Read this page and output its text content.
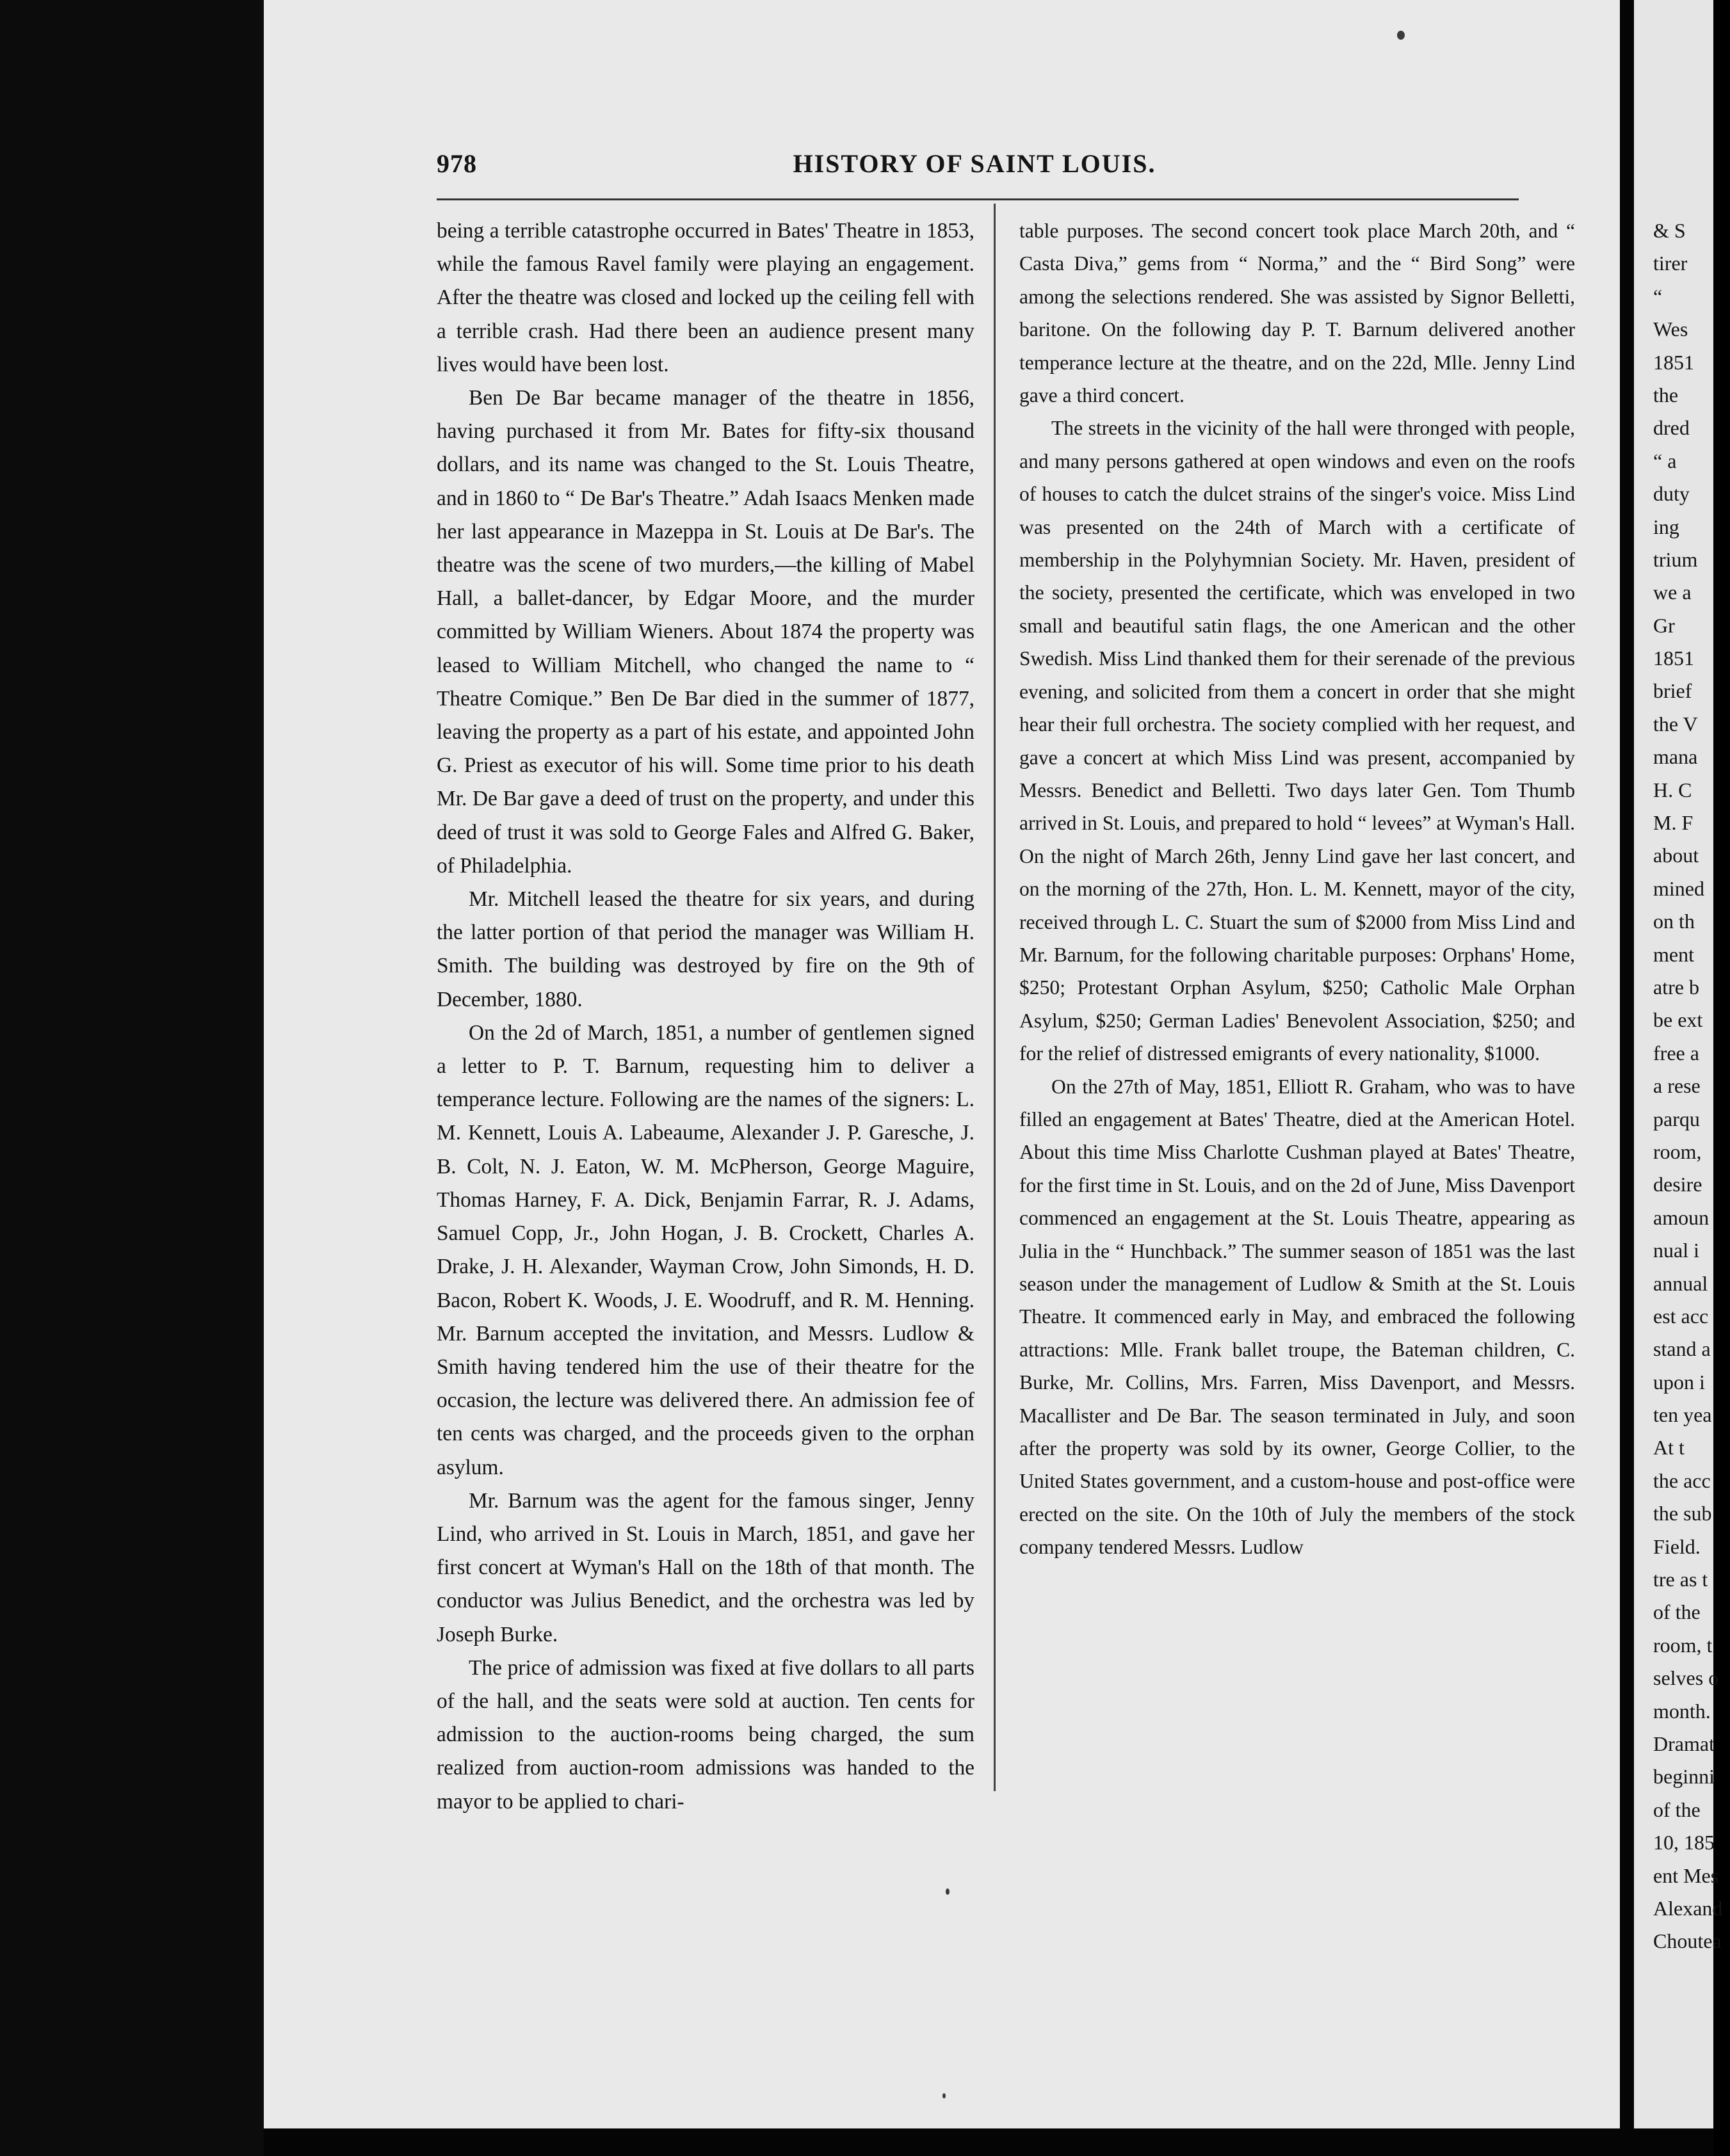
978	HISTORY OF SAINT LOUIS.

being a terrible catastrophe occurred in Bates' Theatre in 1853, while the famous Ravel family were playing an engagement. After the theatre was closed and locked up the ceiling fell with a terrible crash. Had there been an audience present many lives would have been lost.

Ben De Bar became manager of the theatre in 1856, having purchased it from Mr. Bates for fifty-six thousand dollars, and its name was changed to the St. Louis Theatre, and in 1860 to “ De Bar's Theatre.” Adah Isaacs Menken made her last appearance in Mazeppa in St. Louis at De Bar's. The theatre was the scene of two murders,—the killing of Mabel Hall, a ballet-dancer, by Edgar Moore, and the murder committed by William Wieners. About 1874 the property was leased to William Mitchell, who changed the name to “ Theatre Comique.” Ben De Bar died in the summer of 1877, leaving the property as a part of his estate, and appointed John G. Priest as executor of his will. Some time prior to his death Mr. De Bar gave a deed of trust on the property, and under this deed of trust it was sold to George Fales and Alfred G. Baker, of Philadelphia.

Mr. Mitchell leased the theatre for six years, and during the latter portion of that period the manager was William H. Smith. The building was destroyed by fire on the 9th of December, 1880.

On the 2d of March, 1851, a number of gentlemen signed a letter to P. T. Barnum, requesting him to deliver a temperance lecture. Following are the names of the signers: L. M. Kennett, Louis A. Labeaume, Alexander J. P. Garesche, J. B. Colt, N. J. Eaton, W. M. McPherson, George Maguire, Thomas Harney, F. A. Dick, Benjamin Farrar, R. J. Adams, Samuel Copp, Jr., John Hogan, J. B. Crockett, Charles A. Drake, J. H. Alexander, Wayman Crow, John Simonds, H. D. Bacon, Robert K. Woods, J. E. Woodruff, and R. M. Henning. Mr. Barnum accepted the invitation, and Messrs. Ludlow & Smith having tendered him the use of their theatre for the occasion, the lecture was delivered there. An admission fee of ten cents was charged, and the proceeds given to the orphan asylum.

Mr. Barnum was the agent for the famous singer, Jenny Lind, who arrived in St. Louis in March, 1851, and gave her first concert at Wyman's Hall on the 18th of that month. The conductor was Julius Benedict, and the orchestra was led by Joseph Burke.

The price of admission was fixed at five dollars to all parts of the hall, and the seats were sold at auction. Ten cents for admission to the auction-rooms being charged, the sum realized from auction-room admissions was handed to the mayor to be applied to chari-

table purposes. The second concert took place March 20th, and “ Casta Diva,” gems from “ Norma,” and the “ Bird Song” were among the selections rendered. She was assisted by Signor Belletti, baritone. On the following day P. T. Barnum delivered another temperance lecture at the theatre, and on the 22d, Mlle. Jenny Lind gave a third concert.

The streets in the vicinity of the hall were thronged with people, and many persons gathered at open windows and even on the roofs of houses to catch the dulcet strains of the singer's voice. Miss Lind was presented on the 24th of March with a certificate of membership in the Polyhymnian Society. Mr. Haven, president of the society, presented the certificate, which was enveloped in two small and beautiful satin flags, the one American and the other Swedish. Miss Lind thanked them for their serenade of the previous evening, and solicited from them a concert in order that she might hear their full orchestra. The society complied with her request, and gave a concert at which Miss Lind was present, accompanied by Messrs. Benedict and Belletti. Two days later Gen. Tom Thumb arrived in St. Louis, and prepared to hold “ levees” at Wyman's Hall. On the night of March 26th, Jenny Lind gave her last concert, and on the morning of the 27th, Hon. L. M. Kennett, mayor of the city, received through L. C. Stuart the sum of $2000 from Miss Lind and Mr. Barnum, for the following charitable purposes: Orphans' Home, $250; Protestant Orphan Asylum, $250; Catholic Male Orphan Asylum, $250; German Ladies' Benevolent Association, $250; and for the relief of distressed emigrants of every nationality, $1000.

On the 27th of May, 1851, Elliott R. Graham, who was to have filled an engagement at Bates' Theatre, died at the American Hotel. About this time Miss Charlotte Cushman played at Bates' Theatre, for the first time in St. Louis, and on the 2d of June, Miss Davenport commenced an engagement at the St. Louis Theatre, appearing as Julia in the “ Hunchback.” The summer season of 1851 was the last season under the management of Ludlow & Smith at the St. Louis Theatre. It commenced early in May, and embraced the following attractions: Mlle. Frank ballet troupe, the Bateman children, C. Burke, Mr. Collins, Mrs. Farren, Miss Davenport, and Messrs. Macallister and De Bar. The season terminated in July, and soon after the property was sold by its owner, George Collier, to the United States government, and a custom-house and post-office were erected on the site. On the 10th of July the members of the stock company tendered Messrs. Ludlow

& S
tirer
“
Wes
1851
the
dred
“ a
duty
ing
trium
we a
Gr
1851
brief
the V
mana
H. C
M. F
about
mined
on th
ment
atre b
be ext
free a
a rese
parqu
room,
desire
amoun
nual i
annual
est acc
stand a
upon i
ten yea
At t
the acc
the sub
Field.
tre as t
of the
room, t
selves o
month.
Dramat
beginni
of the
10, 185
ent Mes
Alexand
Choutea
